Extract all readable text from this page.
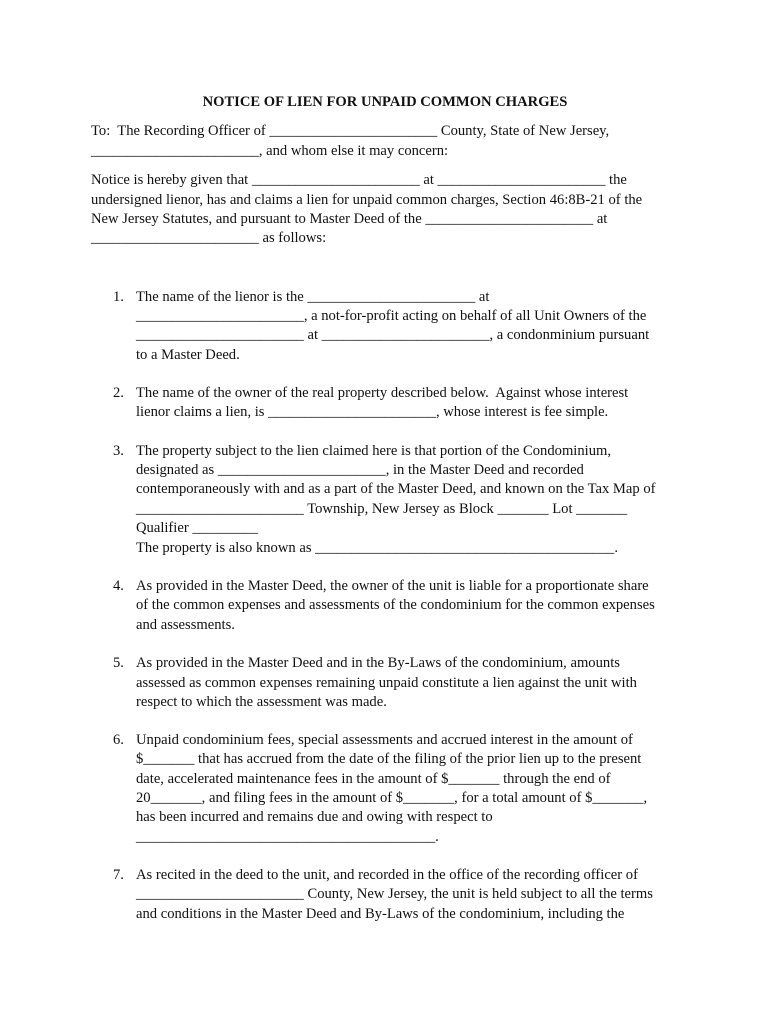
NOTICE OF LIEN FOR UNPAID COMMON CHARGES
To:  The Recording Officer of _______________________ County, State of New Jersey,
_______________________, and whom else it may concern:
Notice is hereby given that _______________________ at _______________________ the
undersigned lienor, has and claims a lien for unpaid common charges, Section 46:8B-21 of the
New Jersey Statutes, and pursuant to Master Deed of the _______________________ at
_______________________ as follows:
1. The name of the lienor is the _______________________ at
_______________________, a not-for-profit acting on behalf of all Unit Owners of the
_______________________ at _______________________, a condonminium pursuant
to a Master Deed.
2. The name of the owner of the real property described below.  Against whose interest
lienor claims a lien, is _______________________, whose interest is fee simple.
3. The property subject to the lien claimed here is that portion of the Condominium,
designated as _______________________, in the Master Deed and recorded
contemporaneously with and as a part of the Master Deed, and known on the Tax Map of
_______________________ Township, New Jersey as Block _______ Lot _______
Qualifier _________
The property is also known as _________________________________________.
4. As provided in the Master Deed, the owner of the unit is liable for a proportionate share
of the common expenses and assessments of the condominium for the common expenses
and assessments.
5. As provided in the Master Deed and in the By-Laws of the condominium, amounts
assessed as common expenses remaining unpaid constitute a lien against the unit with
respect to which the assessment was made.
6. Unpaid condominium fees, special assessments and accrued interest in the amount of
$_______ that has accrued from the date of the filing of the prior lien up to the present
date, accelerated maintenance fees in the amount of $_______ through the end of
20_______, and filing fees in the amount of $_______, for a total amount of $_______,
has been incurred and remains due and owing with respect to
_________________________________________.
7. As recited in the deed to the unit, and recorded in the office of the recording officer of
_______________________ County, New Jersey, the unit is held subject to all the terms
and conditions in the Master Deed and By-Laws of the condominium, including the
